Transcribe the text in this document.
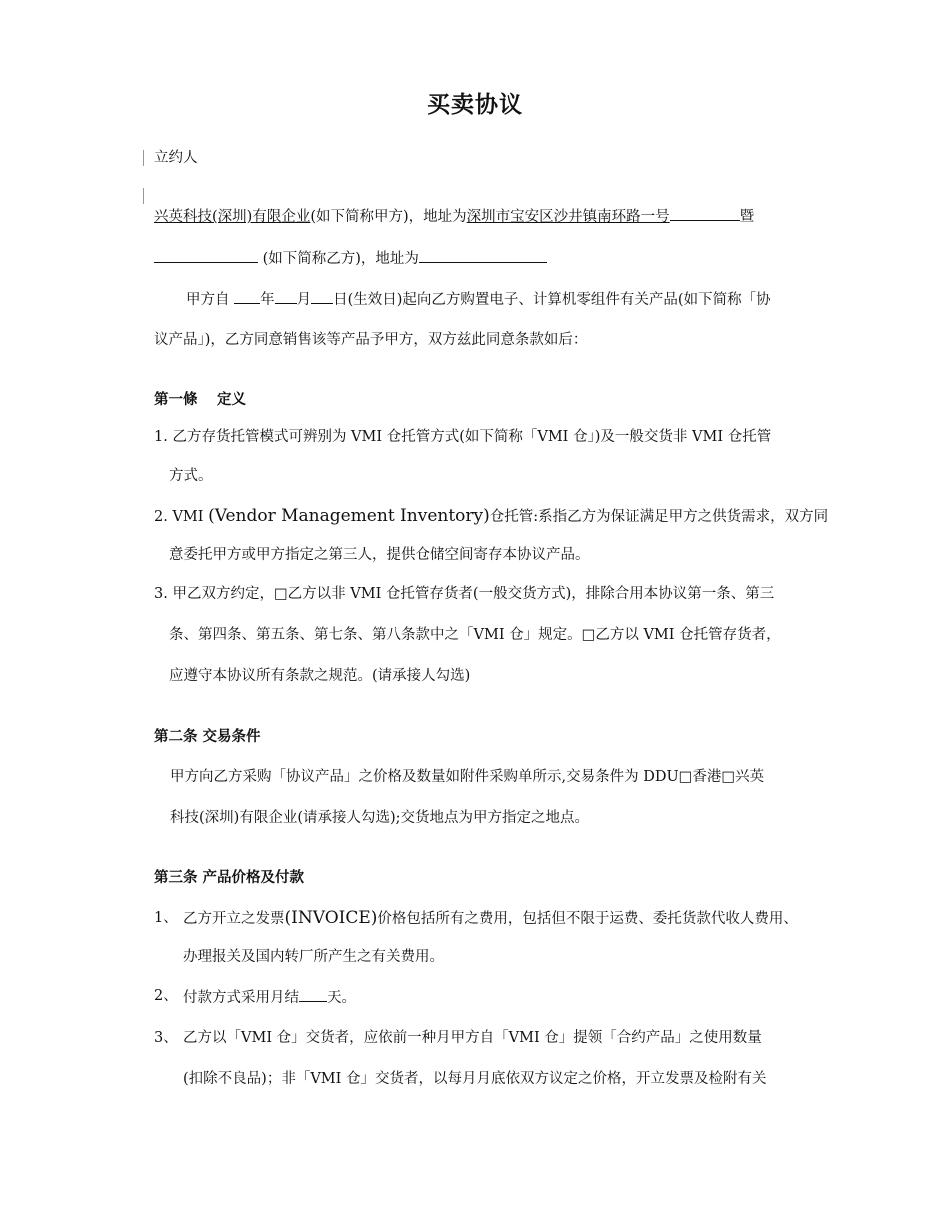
买卖协议
立约人
兴英科技(深圳)有限企业(如下简称甲方)，地址为深圳市宝安区沙井镇南环路一号	暨
(如下简称乙方)，地址为
甲方自 年 月 日(生效日)起向乙方购置电子、计算机零组件有关产品(如下简称「协
议产品」)，乙方同意销售该等产品予甲方，双方兹此同意条款如后：
第一條　 定义
1. 乙方存货托管模式可辨别为 VMI 仓托管方式(如下简称「VMI 仓」)及一般交货非 VMI 仓托管
方式。
2. VMI (Vendor Management Inventory)仓托管:系指乙方为保证满足甲方之供货需求，双方同
意委托甲方或甲方指定之第三人，提供仓储空间寄存本协议产品。
3. 甲乙双方约定，□乙方以非 VMI 仓托管存货者(一般交货方式)，排除合用本协议第一条、第三
条、第四条、第五条、第七条、第八条款中之「VMI 仓」规定。□乙方以 VMI 仓托管存货者，
应遵守本协议所有条款之规范。(请承接人勾选)
第二条 交易条件
甲方向乙方采购「协议产品」之价格及数量如附件采购单所示,交易条件为 DDU□香港□兴英
科技(深圳)有限企业(请承接人勾选);交货地点为甲方指定之地点。
第三条 产品价格及付款
1、 乙方开立之发票(INVOICE)价格包括所有之费用，包括但不限于运费、委托货款代收人费用、
办理报关及国内转厂所产生之有关费用。
2、 付款方式采用月结 天。
3、 乙方以「VMI 仓」交货者，应依前一种月甲方自「VMI 仓」提领「合约产品」之使用数量
(扣除不良品)；非「VMI 仓」交货者，以每月月底依双方议定之价格，开立发票及检附有关
